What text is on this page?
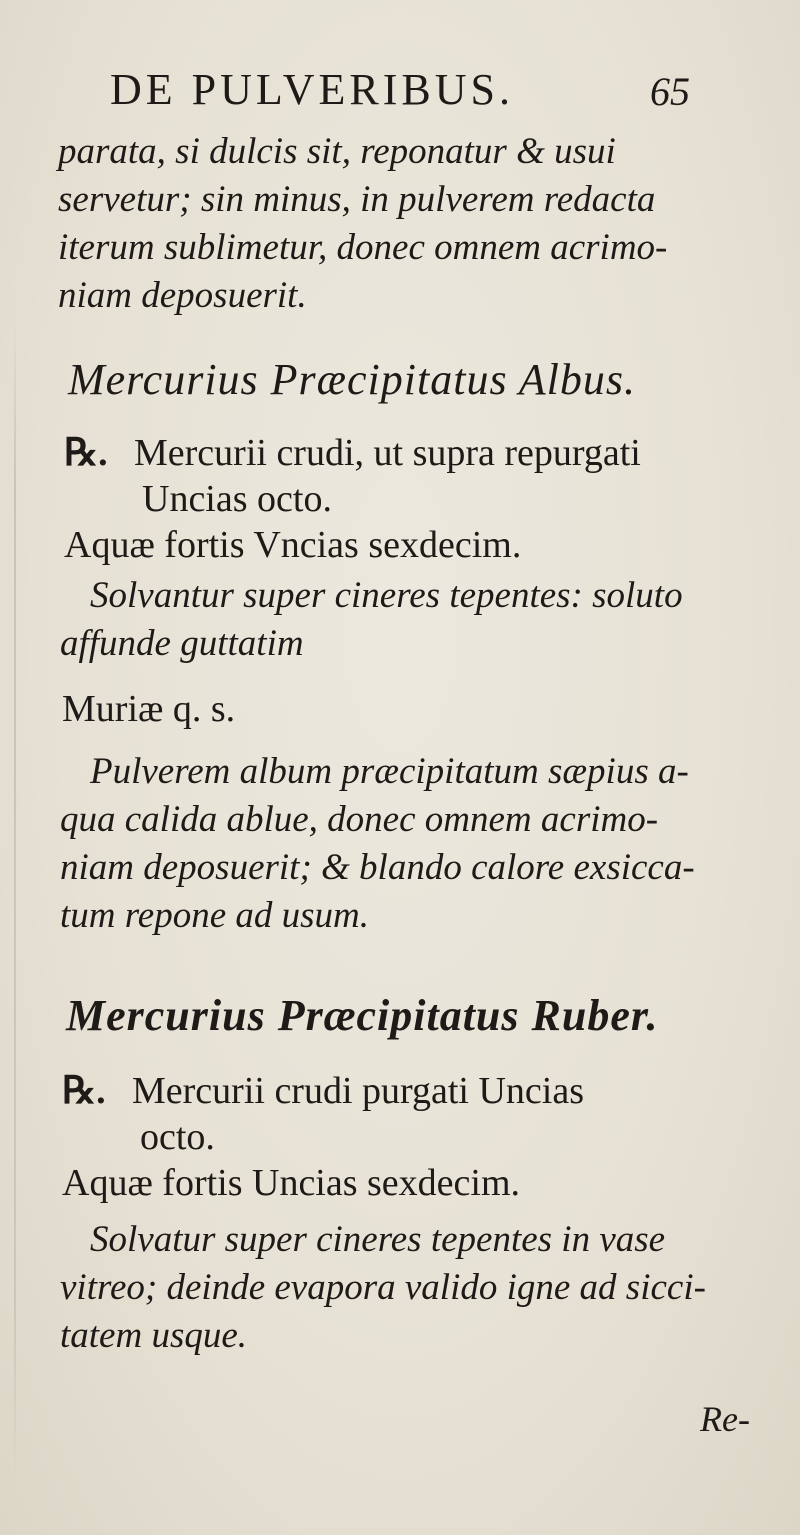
DE PULVERIBUS.	65

parata, si dulcis sit, reponatur & usui
servetur; sin minus, in pulverem redacta
iterum sublimetur, donec omnem acrimo-
niam deposuerit.

Mercurius Præcipitatus Albus.

℞. Mercurii crudi, ut supra repurgati
Uncias octo.
Aquæ fortis Vncias sexdecim.

Solvantur super cineres tepentes: soluto
affunde guttatim

Muriæ q. s.

Pulverem album præcipitatum sæpius a-
qua calida ablue, donec omnem acrimo-
niam deposuerit; & blando calore exsicca-
tum repone ad usum.

Mercurius Præcipitatus Ruber.

℞. Mercurii crudi purgati Uncias
octo.
Aquæ fortis Uncias sexdecim.

Solvatur super cineres tepentes in vase
vitreo; deinde evapora valido igne ad sicci-
tatem usque.

Re-
